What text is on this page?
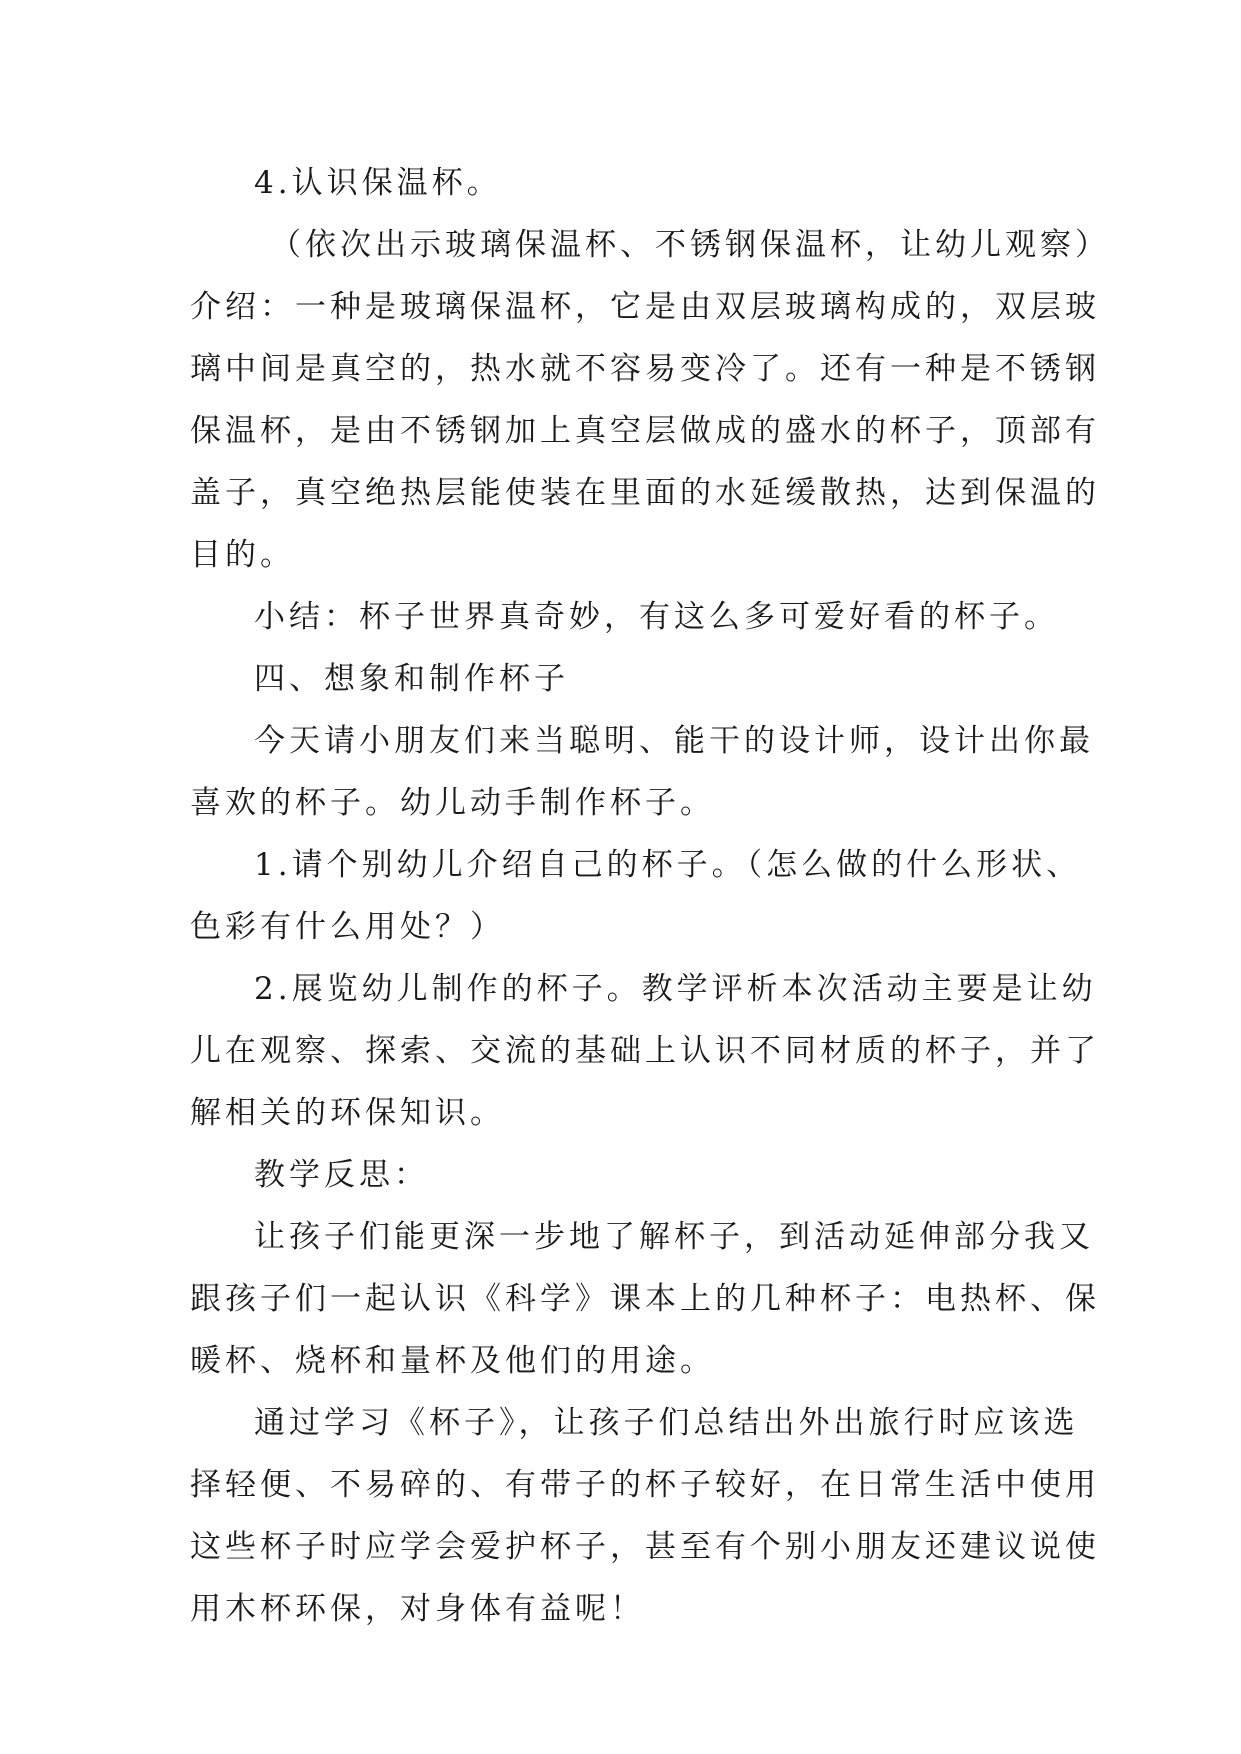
4.认识保温杯。
（依次出示玻璃保温杯、不锈钢保温杯，让幼儿观察）
介绍：一种是玻璃保温杯，它是由双层玻璃构成的，双层玻
璃中间是真空的，热水就不容易变冷了。还有一种是不锈钢
保温杯，是由不锈钢加上真空层做成的盛水的杯子，顶部有
盖子，真空绝热层能使装在里面的水延缓散热，达到保温的
目的。
小结：杯子世界真奇妙，有这么多可爱好看的杯子。
四、想象和制作杯子
今天请小朋友们来当聪明、能干的设计师，设计出你最
喜欢的杯子。幼儿动手制作杯子。
1.请个别幼儿介绍自己的杯子。（怎么做的什么形状、
色彩有什么用处？）
2.展览幼儿制作的杯子。教学评析本次活动主要是让幼
儿在观察、探索、交流的基础上认识不同材质的杯子，并了
解相关的环保知识。
教学反思：
让孩子们能更深一步地了解杯子，到活动延伸部分我又
跟孩子们一起认识《科学》课本上的几种杯子：电热杯、保
暖杯、烧杯和量杯及他们的用途。
通过学习《杯子》，让孩子们总结出外出旅行时应该选
择轻便、不易碎的、有带子的杯子较好，在日常生活中使用
这些杯子时应学会爱护杯子，甚至有个别小朋友还建议说使
用木杯环保，对身体有益呢！
